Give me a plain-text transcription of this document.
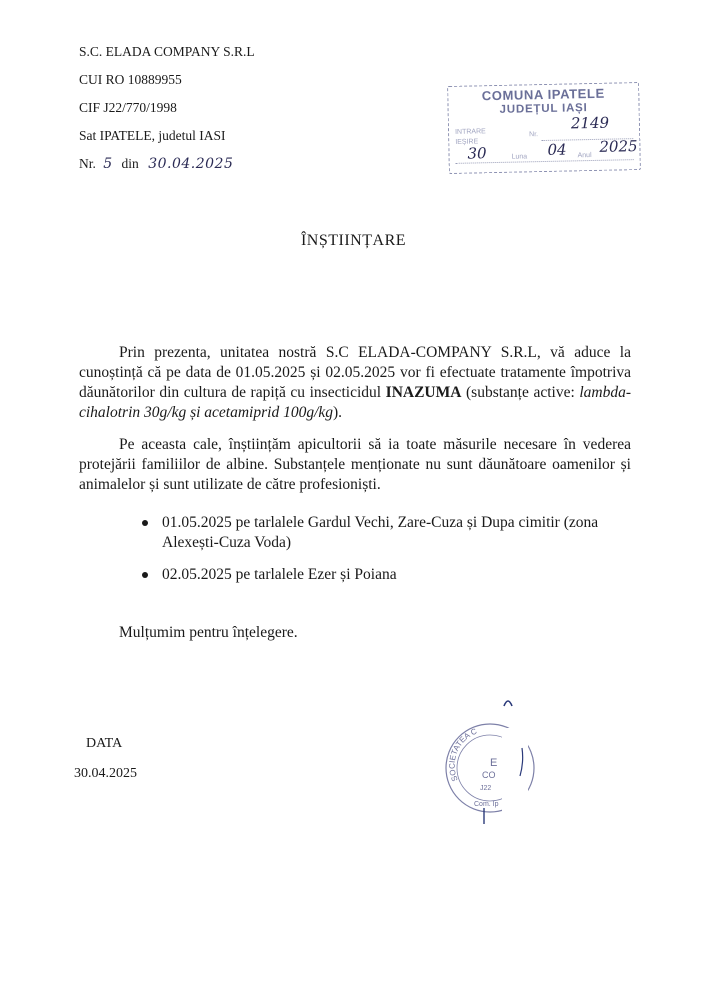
S.C. ELADA COMPANY S.R.L
CUI RO 10889955
CIF J22/770/1998
Sat IPATELE, judetul IASI
Nr. 5 din 30.04.2025
COMUNA IPATELE
JUDEȚUL IAȘI
INTRARE
IEȘIRE
Nr.
2149
30	Luna 04 Anul 2025
ÎNȘTIINȚARE

Prin prezenta, unitatea nostră S.C ELADA-COMPANY S.R.L, vă aduce la cunoștință că pe data de 01.05.2025 și 02.05.2025 vor fi efectuate tratamente împotriva dăunătorilor din cultura de rapiță cu insecticidul INAZUMA (substanțe active: lambda-cihalotrin 30g/kg și acetamiprid 100g/kg).

Pe aceasta cale, înștiințăm apicultorii să ia toate măsurile necesare în vederea protejării familiilor de albine. Substanțele menționate nu sunt dăunătoare oamenilor și animalelor și sunt utilizate de către profesioniști.

01.05.2025 pe tarlalele Gardul Vechi, Zare-Cuza și Dupa cimitir (zona Alexești-Cuza Voda)
02.05.2025 pe tarlalele Ezer și Poiana
Mulțumim pentru înțelegere.
DATA
30.04.2025	SOCIETATEA C
E
CO
J22
Com. Ip
